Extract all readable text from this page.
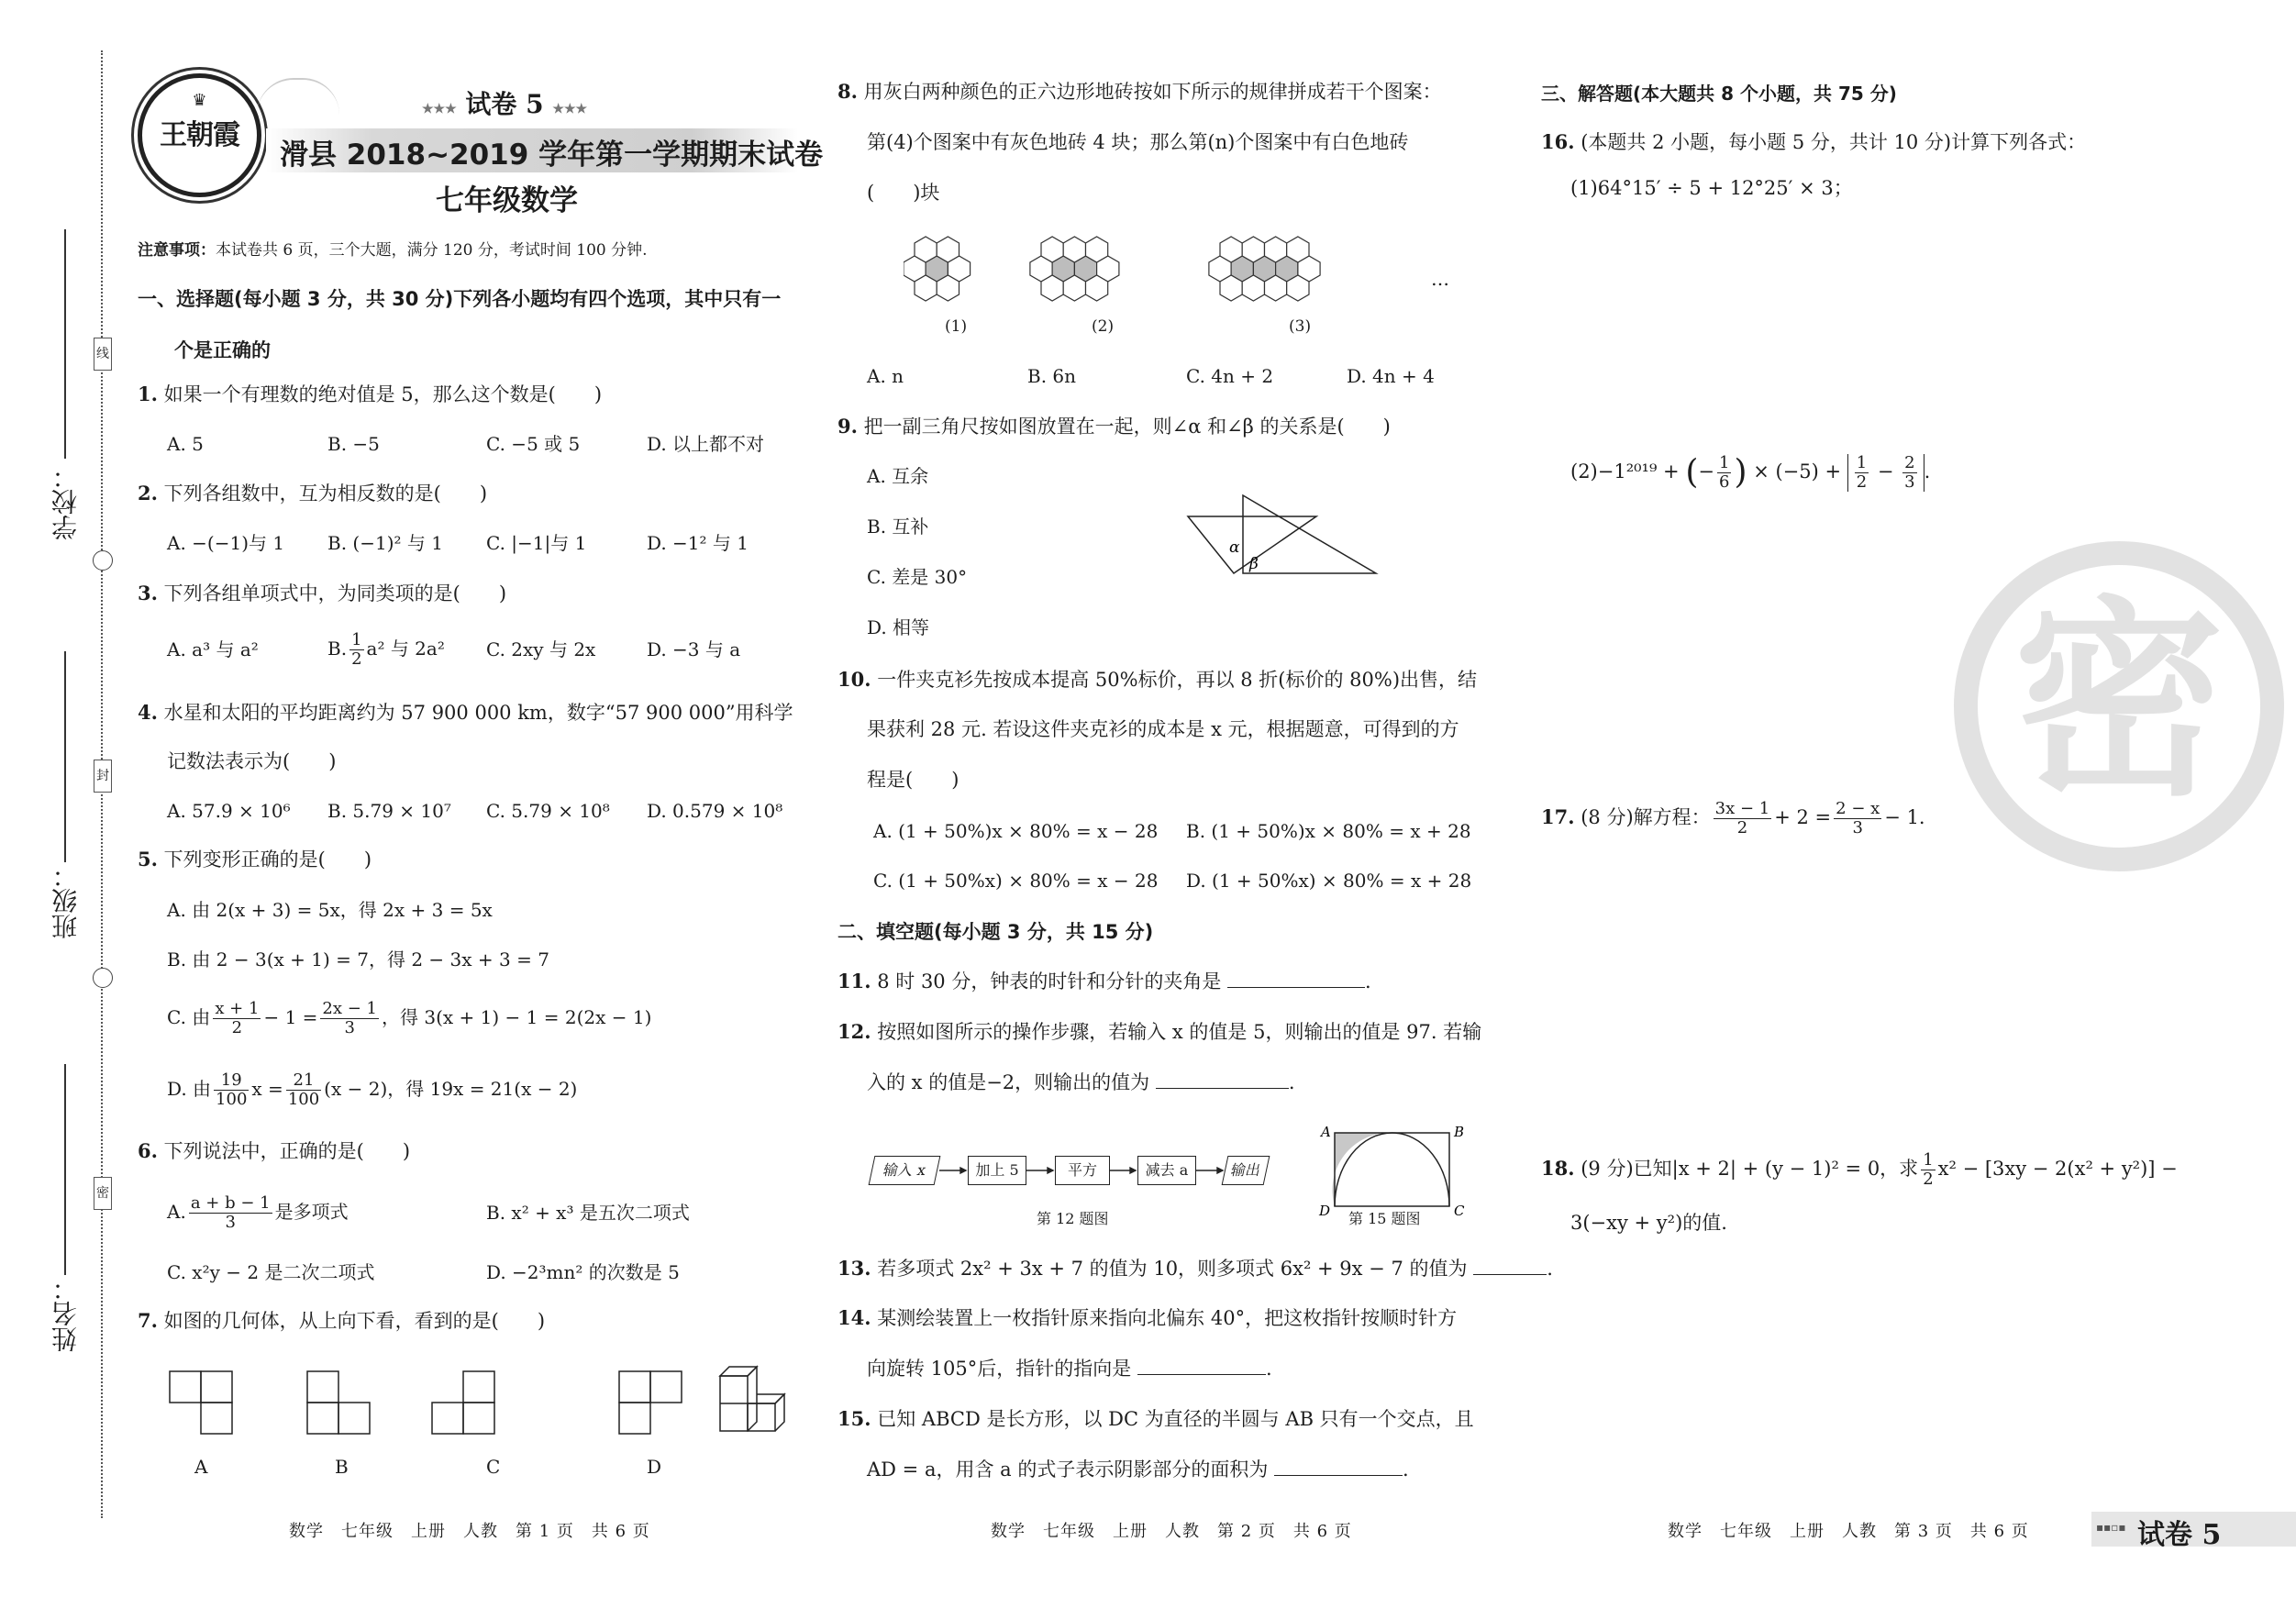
学校：
班级：
姓名：
线
封
密
♛
王朝霞
★★★ 试卷 5 ★★★
滑县 2018~2019 学年第一学期期末试卷
七年级数学
注意事项：本试卷共 6 页，三个大题，满分 120 分，考试时间 100 分钟.
一、选择题(每小题 3 分，共 30 分)下列各小题均有四个选项，其中只有一
个是正确的
1. 如果一个有理数的绝对值是 5，那么这个数是(　　)
A. 5	B. −5	C. −5 或 5	D. 以上都不对
2. 下列各组数中，互为相反数的是(　　)
A. −(−1)与 1 B. (−1)² 与 1 C. |−1|与 1	D. −1² 与 1
3. 下列各组单项式中，为同类项的是(　　)
A. a³ 与 a²	B. $\frac{1}{2} a^2$ 与 2a² C. 2xy 与 2x	D. −3 与 a
4. 水星和太阳的平均距离约为 57 900 000 km，数字“57 900 000”用科学
记数法表示为(　　)
A. 57.9 × 10⁶ B. 5.79 × 10⁷ C. 5.79 × 10⁸ D. 0.579 × 10⁸
5. 下列变形正确的是(　　)
A. 由 2(x + 3) = 5x，得 2x + 3 = 5x
B. 由 2 − 3(x + 1) = 7，得 2 − 3x + 3 = 7
C. 由 $\frac{x + 1}{2} - 1 = \frac{2x - 1}{3}$ ，得 3(x + 1) − 1 = 2(2x − 1)
D. 由 $\frac{19}{100}$ $x = \frac{21}{100} (x - 2)$，得 19x = 21(x − 2)
6. 下列说法中，正确的是(　　)
A. $\frac{a + b - 1}{3}$ 是多项式	B. x² + x³ 是五次二项式
C. x²y − 2 是二次二项式	D. −2³mn² 的次数是 5
7. 如图的几何体，从上向下看，看到的是(　　)
A	B	C	D
数学　七年级　上册　人教　第 1 页　共 6 页
8. 用灰白两种颜色的正六边形地砖按如下所示的规律拼成若干个图案：
第(4)个图案中有灰色地砖 4 块；那么第(n)个图案中有白色地砖
(　　)块
(1)	(2)	(3)
…
A. n	B. 6n	C. 4n + 2	D. 4n + 4
9. 把一副三角尺按如图放置在一起，则∠α 和∠β 的关系是(　　)
A. 互余
B. 互补
C. 差是 30°
D. 相等
α
β
10. 一件夹克衫先按成本提高 50%标价，再以 8 折(标价的 80%)出售，结
果获利 28 元. 若设这件夹克衫的成本是 x 元，根据题意，可得到的方
程是(　　)
A. (1 + 50%)x × 80% = x − 28 B. (1 + 50%)x × 80% = x + 28
C. (1 + 50%x) × 80% = x − 28 D. (1 + 50%x) × 80% = x + 28
二、填空题(每小题 3 分，共 15 分)
11. 8 时 30 分，钟表的时针和分针的夹角是	.
12. 按照如图所示的操作步骤，若输入 x 的值是 5，则输出的值是 97. 若输
入的 x 的值是−2，则输出的值为	.
输入 x	加上 5	平方	减去 a	输出
第 12 题图
A	B
C
D 第 15 题图
13. 若多项式 2x² + 3x + 7 的值为 10，则多项式 6x² + 9x − 7 的值为	.
14. 某测绘装置上一枚指针原来指向北偏东 40°，把这枚指针按顺时针方
向旋转 105°后，指针的指向是	.
15. 已知 ABCD 是长方形，以 DC 为直径的半圆与 AB 只有一个交点，且
AD = a，用含 a 的式子表示阴影部分的面积为	.
数学　七年级　上册　人教　第 2 页　共 6 页
密
三、解答题(本大题共 8 个小题，共 75 分)
16. (本题共 2 小题，每小题 5 分，共计 10 分)计算下列各式：
(1)64°15′ ÷ 5 + 12°25′ × 3；
(2)−1²⁰¹⁹ + (− $\frac{1}{6}$ ) × $(-5) + \frac{1}{2} - \frac{2}{3}$ .
17. (8 分)解方程： $\frac{3x - 1}{2} + 2 = \frac{2 - x}{3} - 1$.
18. (9 分)已知|x + 2| + (y − 1)² = 0，求 $\frac{1}{2} x^2 - [3xy - 2(x^2 + y^2)]$ −
3(−xy + y²)的值.
数学　七年级　上册　人教　第 3 页　共 6 页	▪▪▫▪ 试卷 5
